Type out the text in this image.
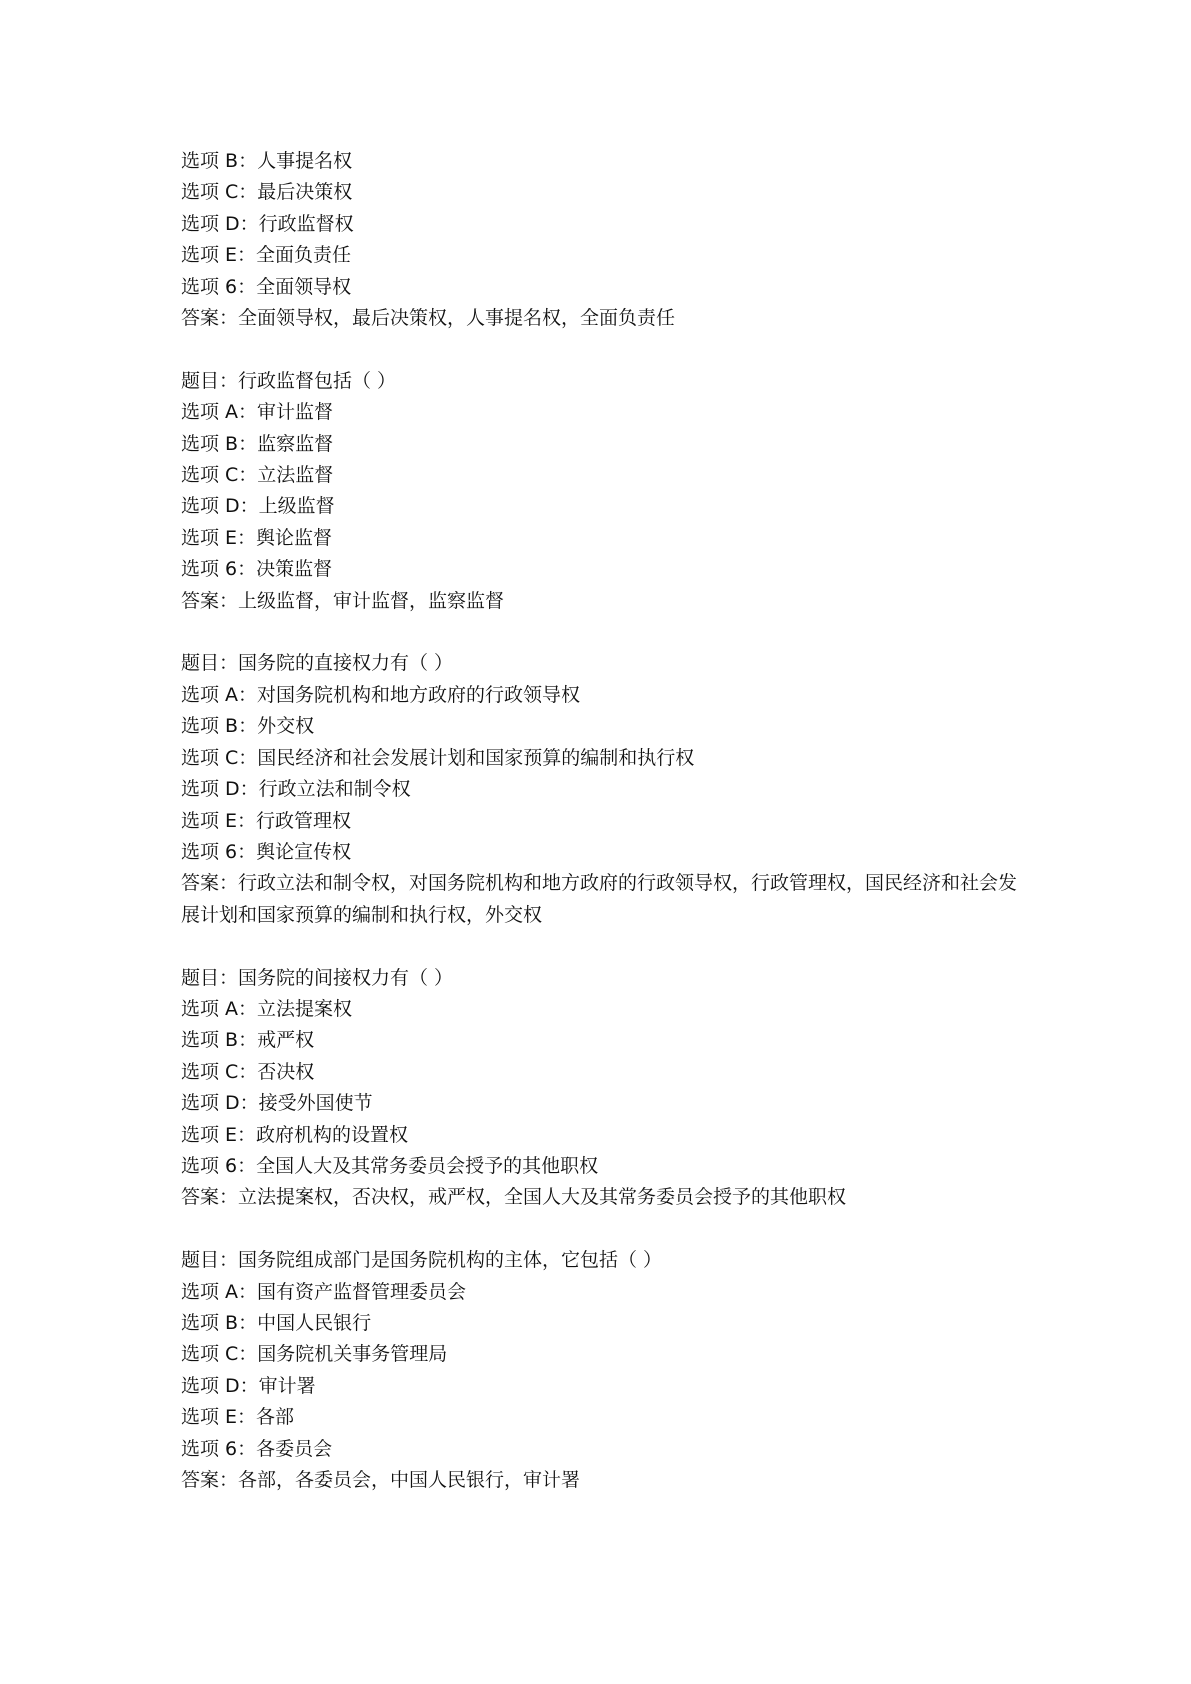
选项 B：人事提名权
选项 C：最后决策权
选项 D：行政监督权
选项 E：全面负责任
选项 6：全面领导权
答案：全面领导权，最后决策权，人事提名权，全面负责任
题目：行政监督包括（ ）
选项 A：审计监督
选项 B：监察监督
选项 C：立法监督
选项 D：上级监督
选项 E：舆论监督
选项 6：决策监督
答案：上级监督，审计监督，监察监督
题目：国务院的直接权力有（ ）
选项 A：对国务院机构和地方政府的行政领导权
选项 B：外交权
选项 C：国民经济和社会发展计划和国家预算的编制和执行权
选项 D：行政立法和制令权
选项 E：行政管理权
选项 6：舆论宣传权
答案：行政立法和制令权，对国务院机构和地方政府的行政领导权，行政管理权，国民经济和社会发展计划和国家预算的编制和执行权，外交权
题目：国务院的间接权力有（ ）
选项 A：立法提案权
选项 B：戒严权
选项 C：否决权
选项 D：接受外国使节
选项 E：政府机构的设置权
选项 6：全国人大及其常务委员会授予的其他职权
答案：立法提案权，否决权，戒严权，全国人大及其常务委员会授予的其他职权
题目：国务院组成部门是国务院机构的主体，它包括（ ）
选项 A：国有资产监督管理委员会
选项 B：中国人民银行
选项 C：国务院机关事务管理局
选项 D：审计署
选项 E：各部
选项 6：各委员会
答案：各部，各委员会，中国人民银行，审计署
